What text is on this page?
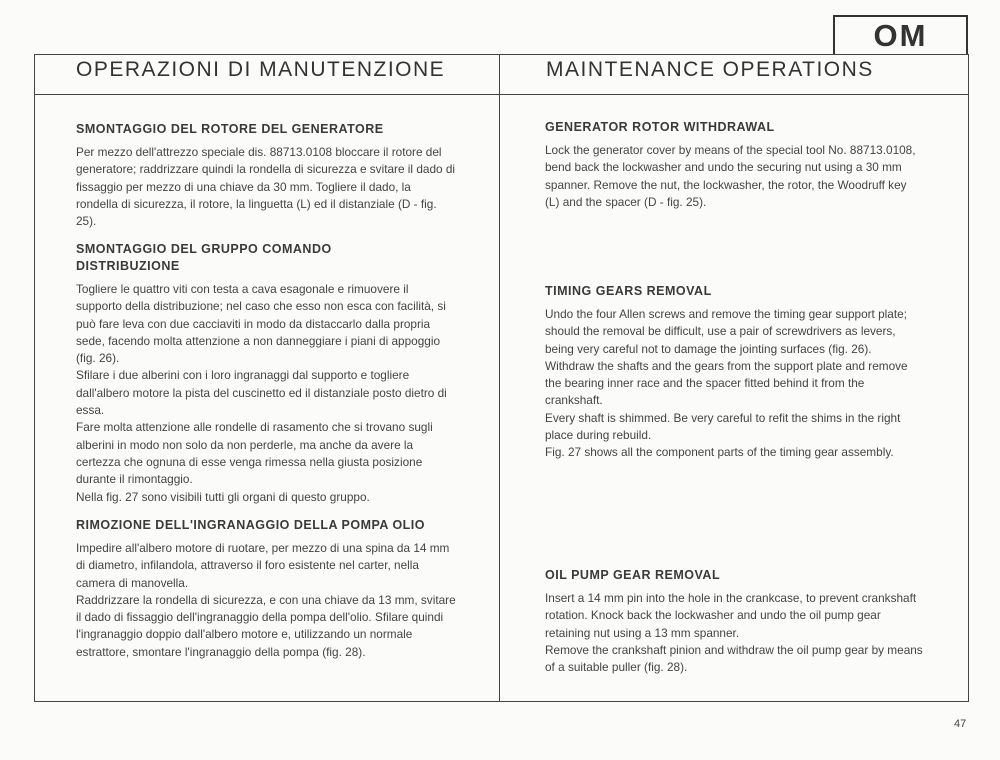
OM
OPERAZIONI DI MANUTENZIONE	MAINTENANCE OPERATIONS
SMONTAGGIO DEL ROTORE DEL GENERATORE

Per mezzo dell'attrezzo speciale dis. 88713.0108 bloccare il rotore del generatore; raddrizzare quindi la rondella di sicurezza e svitare il dado di fissaggio per mezzo di una chiave da 30 mm. Togliere il dado, la rondella di sicurezza, il rotore, la linguetta (L) ed il distanziale (D - fig. 25).

SMONTAGGIO DEL GRUPPO COMANDO DISTRIBUZIONE

Togliere le quattro viti con testa a cava esagonale e rimuovere il supporto della distribuzione; nel caso che esso non esca con facilità, si può fare leva con due cacciaviti in modo da distaccarlo dalla propria sede, facendo molta attenzione a non danneggiare i piani di appoggio (fig. 26).

Sfilare i due alberini con i loro ingranaggi dal supporto e togliere dall'albero motore la pista del cuscinetto ed il distanziale posto dietro di essa.

Fare molta attenzione alle rondelle di rasamento che si trovano sugli alberini in modo non solo da non perderle, ma anche da avere la certezza che ognuna di esse venga rimessa nella giusta posizione durante il rimontaggio.

Nella fig. 27 sono visibili tutti gli organi di questo gruppo.

RIMOZIONE DELL'INGRANAGGIO DELLA POMPA OLIO

Impedire all'albero motore di ruotare, per mezzo di una spina da 14 mm di diametro, infilandola, attraverso il foro esistente nel carter, nella camera di manovella.

Raddrizzare la rondella di sicurezza, e con una chiave da 13 mm, svitare il dado di fissaggio dell'ingranaggio della pompa dell'olio. Sfilare quindi l'ingranaggio doppio dall'albero motore e, utilizzando un normale estrattore, smontare l'ingranaggio della pompa (fig. 28).

GENERATOR ROTOR WITHDRAWAL

Lock the generator cover by means of the special tool No. 88713.0108, bend back the lockwasher and undo the securing nut using a 30 mm spanner. Remove the nut, the lockwasher, the rotor, the Woodruff key (L) and the spacer (D - fig. 25).

TIMING GEARS REMOVAL

Undo the four Allen screws and remove the timing gear support plate; should the removal be difficult, use a pair of screwdrivers as levers, being very careful not to damage the jointing surfaces (fig. 26).

Withdraw the shafts and the gears from the support plate and remove the bearing inner race and the spacer fitted behind it from the crankshaft.

Every shaft is shimmed. Be very careful to refit the shims in the right place during rebuild.

Fig. 27 shows all the component parts of the timing gear assembly.

OIL PUMP GEAR REMOVAL

Insert a 14 mm pin into the hole in the crankcase, to prevent crankshaft rotation. Knock back the lockwasher and undo the oil pump gear retaining nut using a 13 mm spanner.

Remove the crankshaft pinion and withdraw the oil pump gear by means of a suitable puller (fig. 28).

47
